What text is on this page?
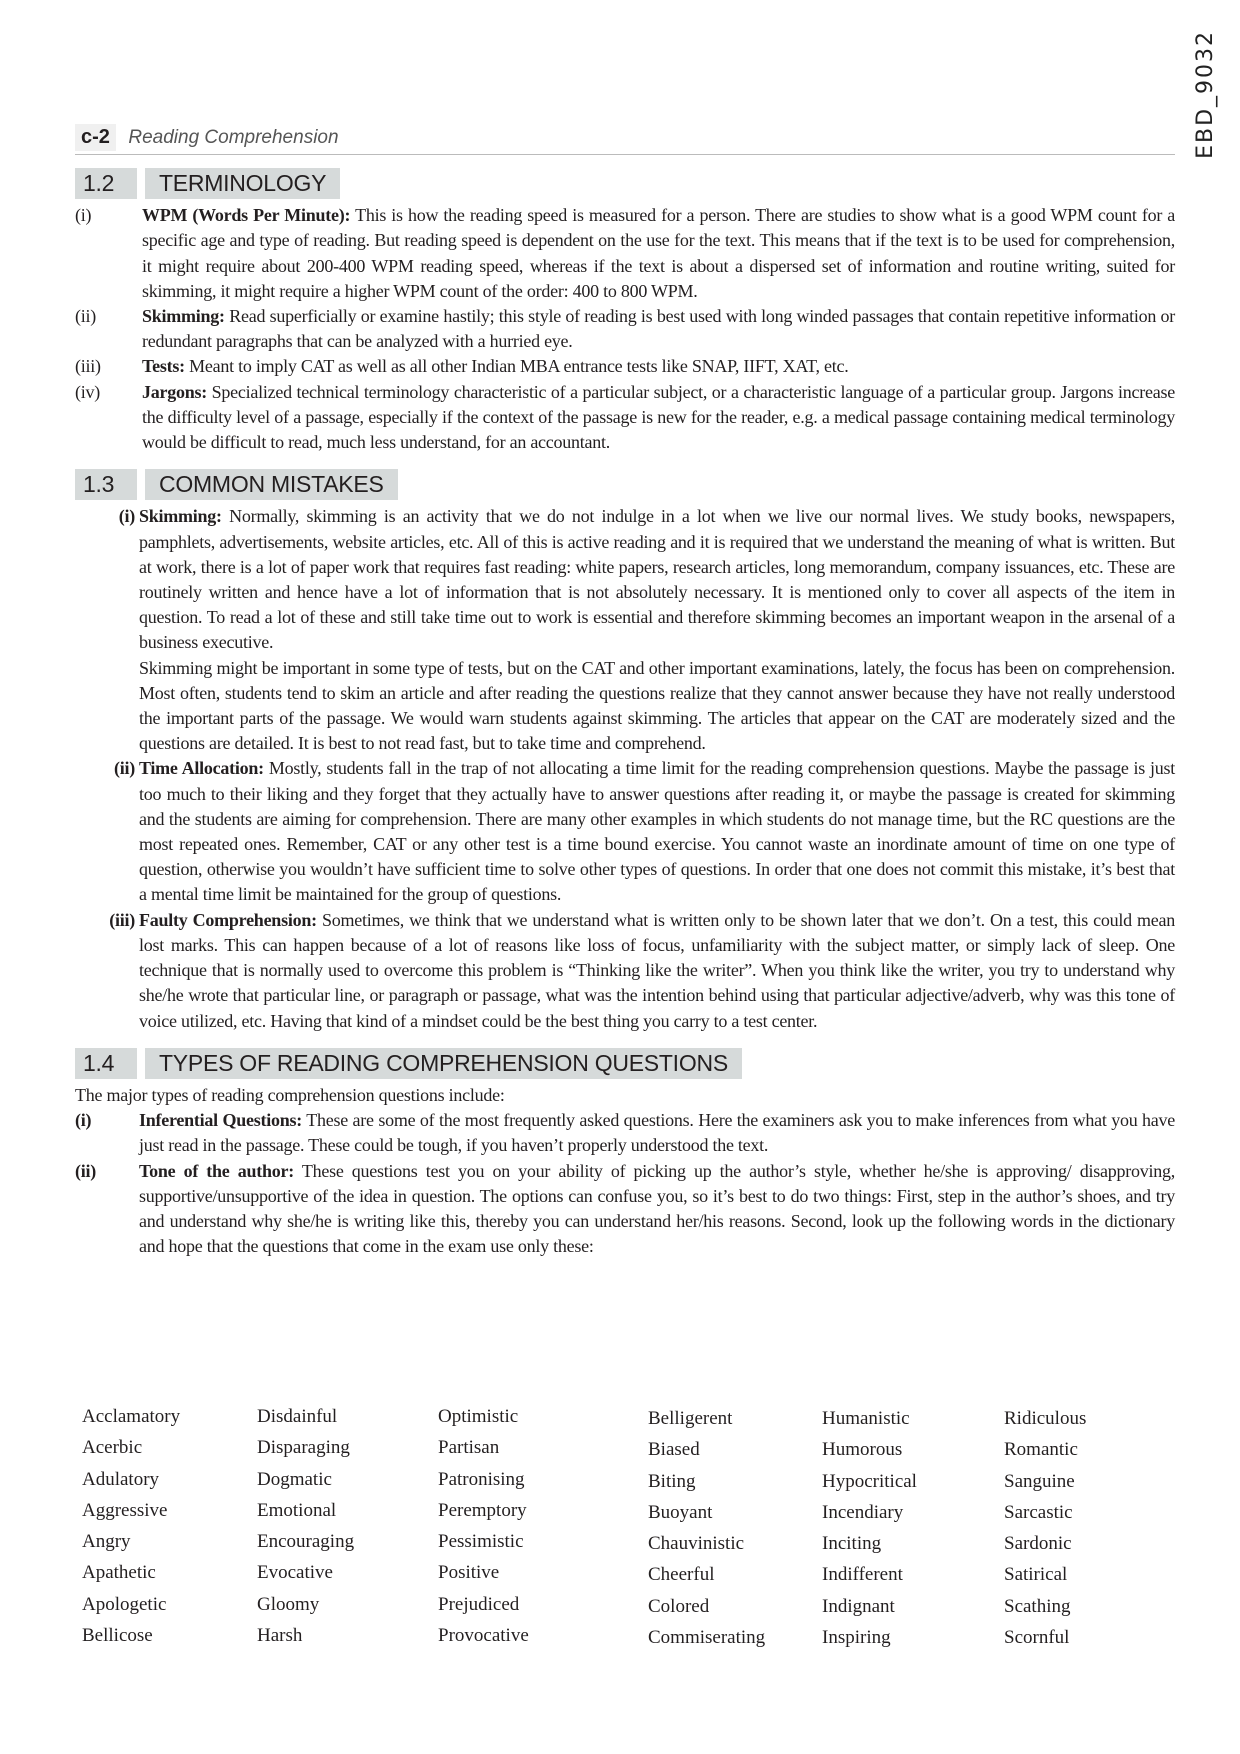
EBD_9032
c-2 Reading Comprehension
1.2	TERMINOLOGY
(i)	WPM (Words Per Minute): This is how the reading speed is measured for a person. There are studies to show what is a good WPM count for a specific age and type of reading. But reading speed is dependent on the use for the text. This means that if the text is to be used for comprehension, it might require about 200-400 WPM reading speed, whereas if the text is about a dispersed set of information and routine writing, suited for skimming, it might require a higher WPM count of the order: 400 to 800 WPM.
(ii)	Skimming: Read superficially or examine hastily; this style of reading is best used with long winded passages that contain repetitive information or redundant paragraphs that can be analyzed with a hurried eye.
(iii)	Tests: Meant to imply CAT as well as all other Indian MBA entrance tests like SNAP, IIFT, XAT, etc.
(iv)	Jargons: Specialized technical terminology characteristic of a particular subject, or a characteristic language of a particular group. Jargons increase the difficulty level of a passage, especially if the context of the passage is new for the reader, e.g. a medical passage containing medical terminology would be difficult to read, much less understand, for an accountant.
1.3	COMMON MISTAKES
(i) Skimming: Normally, skimming is an activity that we do not indulge in a lot when we live our normal lives. We study books, newspapers, pamphlets, advertisements, website articles, etc. All of this is active reading and it is required that we understand the meaning of what is written. But at work, there is a lot of paper work that requires fast reading: white papers, research articles, long memorandum, company issuances, etc. These are routinely written and hence have a lot of information that is not absolutely necessary. It is mentioned only to cover all aspects of the item in question. To read a lot of these and still take time out to work is essential and therefore skimming becomes an important weapon in the arsenal of a business executive.
Skimming might be important in some type of tests, but on the CAT and other important examinations, lately, the focus has been on comprehension. Most often, students tend to skim an article and after reading the questions realize that they cannot answer because they have not really understood the important parts of the passage. We would warn students against skimming. The articles that appear on the CAT are moderately sized and the questions are detailed. It is best to not read fast, but to take time and comprehend.
(ii) Time Allocation: Mostly, students fall in the trap of not allocating a time limit for the reading comprehension questions. Maybe the passage is just too much to their liking and they forget that they actually have to answer questions after reading it, or maybe the passage is created for skimming and the students are aiming for comprehension. There are many other examples in which students do not manage time, but the RC questions are the most repeated ones. Remember, CAT or any other test is a time bound exercise. You cannot waste an inordinate amount of time on one type of question, otherwise you wouldn’t have sufficient time to solve other types of questions. In order that one does not commit this mistake, it’s best that a mental time limit be maintained for the group of questions.
(iii) Faulty Comprehension: Sometimes, we think that we understand what is written only to be shown later that we don’t. On a test, this could mean lost marks. This can happen because of a lot of reasons like loss of focus, unfamiliarity with the subject matter, or simply lack of sleep. One technique that is normally used to overcome this problem is “Thinking like the writer”. When you think like the writer, you try to understand why she/he wrote that particular line, or paragraph or passage, what was the intention behind using that particular adjective/adverb, why was this tone of voice utilized, etc. Having that kind of a mindset could be the best thing you carry to a test center.
1.4	TYPES OF READING COMPREHENSION QUESTIONS
The major types of reading comprehension questions include:
(i)	Inferential Questions: These are some of the most frequently asked questions. Here the examiners ask you to make inferences from what you have just read in the passage. These could be tough, if you haven’t properly understood the text.
(ii)	Tone of the author: These questions test you on your ability of picking up the author’s style, whether he/she is approving/ disapproving, supportive/unsupportive of the idea in question. The options can confuse you, so it’s best to do two things: First, step in the author’s shoes, and try and understand why she/he is writing like this, thereby you can understand her/his reasons. Second, look up the following words in the dictionary and hope that the questions that come in the exam use only these:
Acclamatory	Disdainful	Optimistic	Belligerent	Humanistic	Ridiculous
Acerbic	Disparaging	Partisan	Biased	Humorous	Romantic
Adulatory	Dogmatic	Patronising	Biting	Hypocritical	Sanguine
Aggressive	Emotional	Peremptory	Buoyant	Incendiary	Sarcastic
Angry	Encouraging	Pessimistic	Chauvinistic	Inciting	Sardonic
Apathetic	Evocative	Positive	Cheerful	Indifferent	Satirical
Apologetic	Gloomy	Prejudiced	Colored	Indignant	Scathing
Bellicose	Harsh	Provocative	Commiserating	Inspiring	Scornful
